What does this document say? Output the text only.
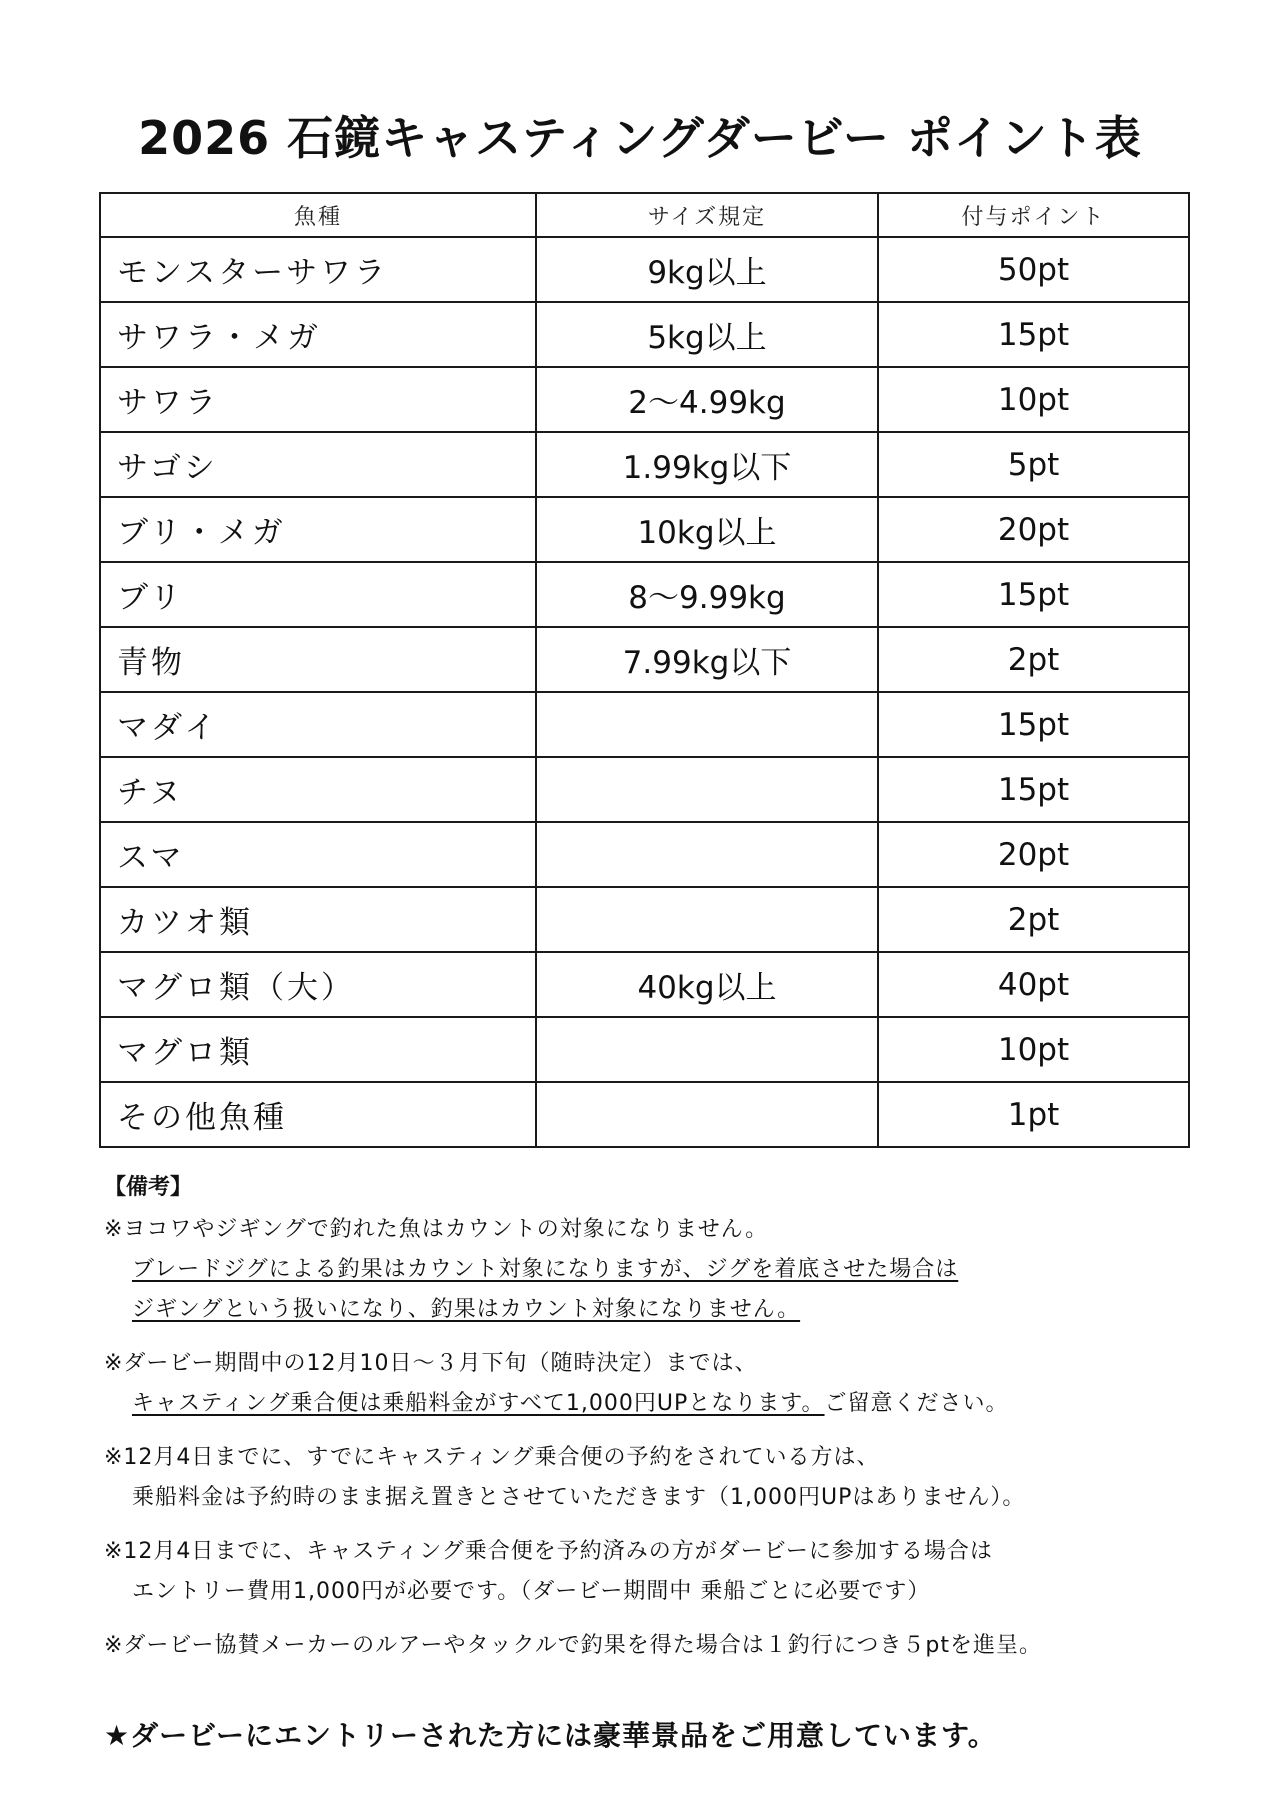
2026 石鏡キャスティングダービー ポイント表
魚種	サイズ規定	付与ポイント
モンスターサワラ	9kg以上	50pt
サワラ・メガ	5kg以上	15pt
サワラ	2〜4.99kg	10pt
サゴシ	1.99kg以下	5pt
ブリ・メガ	10kg以上	20pt
ブリ	8〜9.99kg	15pt
青物	7.99kg以下	2pt
マダイ		15pt
チヌ		15pt
スマ		20pt
カツオ類		2pt
マグロ類（大）	40kg以上	40pt
マグロ類		10pt
その他魚種		1pt
【備考】
※ヨコワやジギングで釣れた魚はカウントの対象になりません。
ブレードジグによる釣果はカウント対象になりますが、ジグを着底させた場合は
ジギングという扱いになり、釣果はカウント対象になりません。
※ダービー期間中の12月10日〜３月下旬（随時決定）までは、
キャスティング乗合便は乗船料金がすべて1,000円UPとなります。ご留意ください。
※12月4日までに、すでにキャスティング乗合便の予約をされている方は、
乗船料金は予約時のまま据え置きとさせていただきます（1,000円UPはありません）。
※12月4日までに、キャスティング乗合便を予約済みの方がダービーに参加する場合は
エントリー費用1,000円が必要です。（ダービー期間中 乗船ごとに必要です）
※ダービー協賛メーカーのルアーやタックルで釣果を得た場合は１釣行につき５ptを進呈。
★ダービーにエントリーされた方には豪華景品をご用意しています。
